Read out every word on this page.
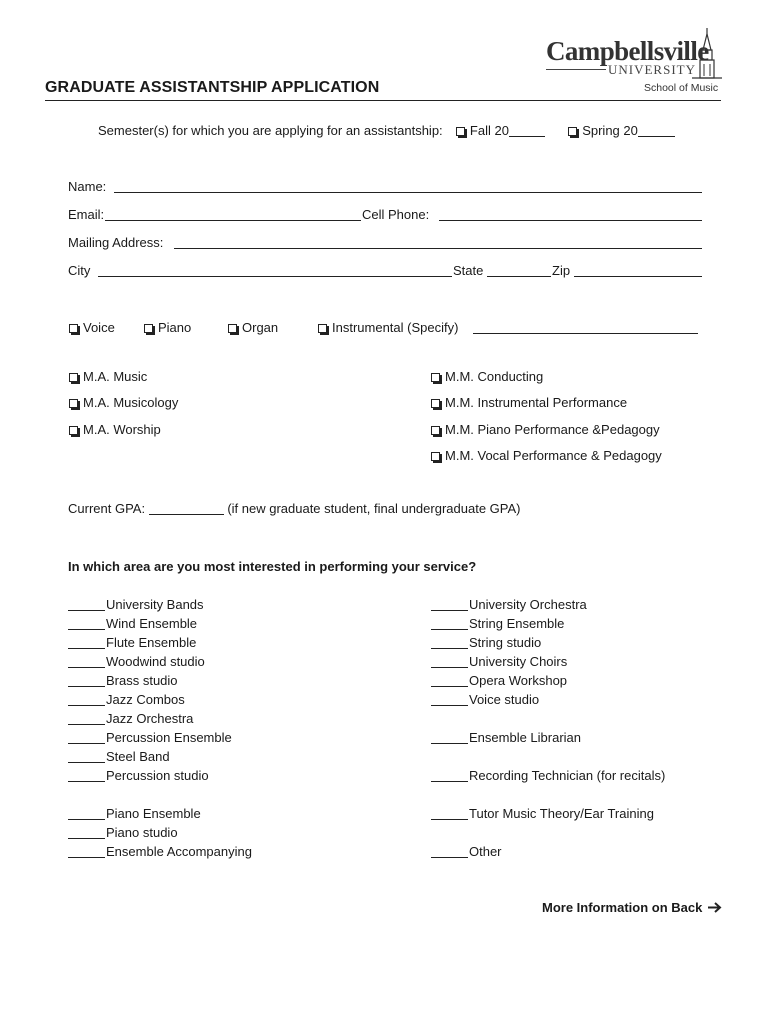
Campbellsville
UNIVERSITY
School of Music
GRADUATE ASSISTANTSHIP APPLICATION
Semester(s) for which you are applying for an assistantship: Fall 20	Spring 20
Name:
Email:	Cell Phone:
Mailing Address:
City	State	Zip
Voice	Piano	Organ	Instrumental (Specify)
M.A. Music
M.A. Musicology
M.A. Worship
M.M. Conducting
M.M. Instrumental Performance
M.M. Piano Performance &Pedagogy
M.M. Vocal Performance & Pedagogy
Current GPA:	(if new graduate student, final undergraduate GPA)
In which area are you most interested in performing your service?
University Bands
Wind Ensemble
Flute Ensemble
Woodwind studio
Brass studio
Jazz Combos
Jazz Orchestra
Percussion Ensemble
Steel Band
Percussion studio

Piano Ensemble
Piano studio
Ensemble Accompanying
University Orchestra
String Ensemble
String studio
University Choirs
Opera Workshop
Voice studio

Ensemble Librarian

Recording Technician (for recitals)

Tutor Music Theory/Ear Training

Other
More Information on Back
